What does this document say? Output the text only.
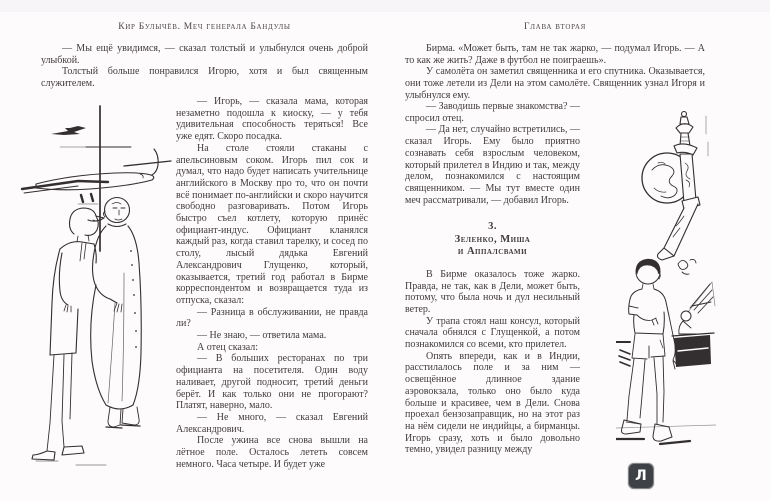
Кир Булычёв. Меч генерала Бандулы

— Мы ещё увидимся, — сказал толстый и улыбнулся очень доброй улыбкой.

Толстый больше понравился Игорю, хотя и был священным служителем.

— Игорь, — сказала мама, которая незаметно подошла к киоску, — у тебя удивительная способность теряться! Все уже едят. Скоро посадка.

На столе стояли стаканы с апельсиновым соком. Игорь пил сок и думал, что надо будет написать учительнице английского в Москву про то, что он почти всё понимает по-английски и скоро научится свободно разговаривать. Потом Игорь быстро съел котлету, которую принёс официант-индус. Официант кланялся каждый раз, когда ставил тарелку, и сосед по столу, лысый дядька Евгений Александрович Глущенко, который, оказывается, третий год работал в Бирме корреспондентом и возвращается туда из отпуска, сказал:

— Разница в обслуживании, не правда ли?

— Не знаю, — ответила мама.

А отец сказал:

— В больших ресторанах по три официанта на посетителя. Один воду наливает, другой подносит, третий деньги берёт. И как только они не прогорают? Платят, наверно, мало.

— Не много, — сказал Евгений Александрович.

После ужина все снова вышли на лётное поле. Осталось лететь совсем немного. Часа четыре. И будет уже

Глава вторая

Бирма. «Может быть, там не так жарко, — подумал Игорь. — А то как же жить? Даже в футбол не поиграешь».

У самолёта он заметил священника и его спутника. Оказывается, они тоже летели из Дели на этом самолёте. Священник узнал Игоря и улыбнулся ему.

— Заводишь первые знакомства? — спросил отец.

— Да нет, случайно встретились, — сказал Игорь. Ему было приятно сознавать себя взрослым человеком, который прилетел в Индию и так, между делом, познакомился с настоящим священником. — Мы тут вместе один меч рассматривали, — добавил Игорь.

3.
Зеленко, Миша
и Аппалсвами

В Бирме оказалось тоже жарко. Правда, не так, как в Дели, может быть, потому, что была ночь и дул несильный ветер.

У трапа стоял наш консул, который сначала обнялся с Глущенкой, а потом познакомился со всеми, кто прилетел.

Опять впереди, как и в Индии, расстилалось поле и за ним — освещённое длинное здание аэровокзала, только оно было куда больше и красивее, чем в Дели. Снова проехал бензозаправщик, но на этот раз на нём сидели не индийцы, а бирманцы. Игорь сразу, хоть и было довольно темно, увидел разницу между

Л
